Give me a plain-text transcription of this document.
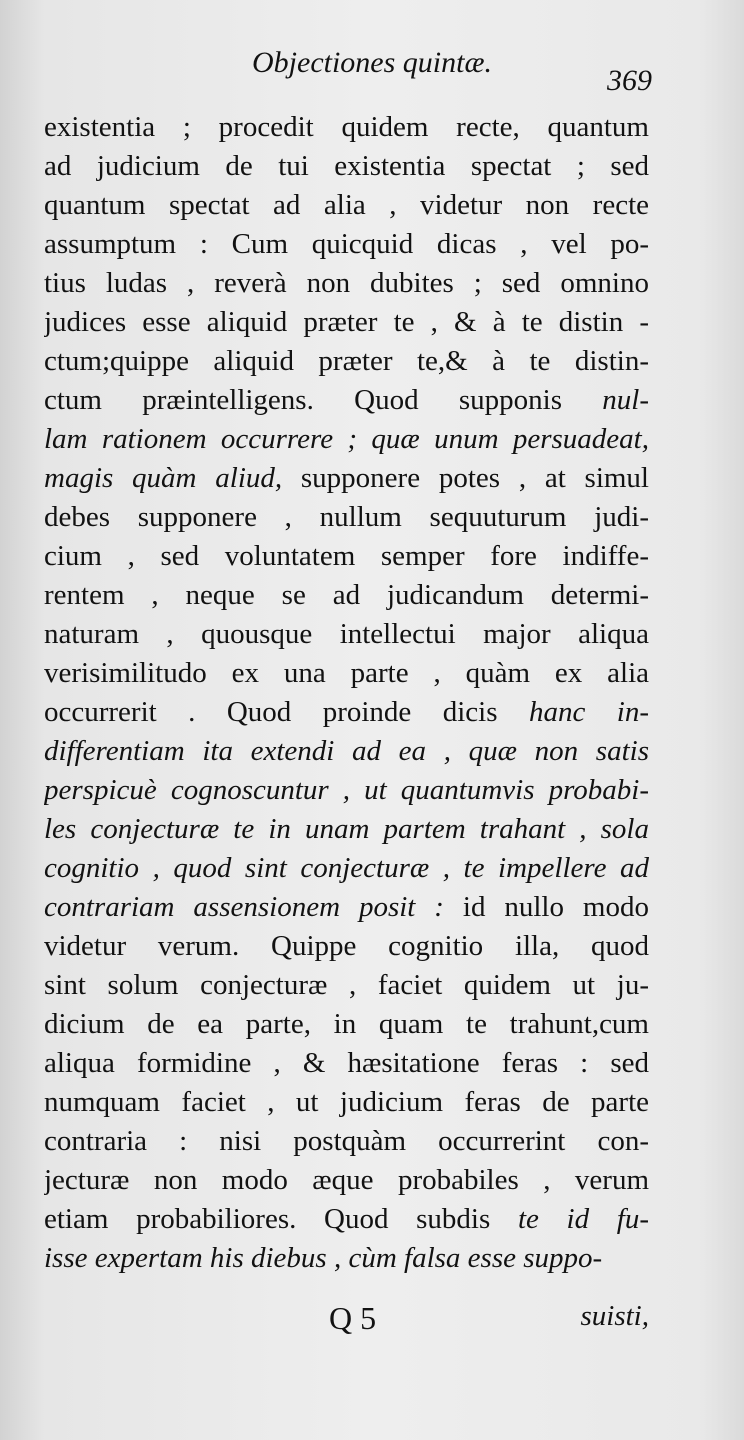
Objectiones quintæ.
369
existentia ; procedit quidem recte, quantum
ad judicium de tui existentia spectat ; sed
quantum spectat ad alia , videtur non recte
assumptum : Cum quicquid dicas , vel po-
tius ludas , reverà non dubites ; sed omnino
judices esse aliquid præter te , & à te distin -
ctum;quippe aliquid præter te,& à te distin-
ctum præintelligens. Quod supponis nul-
lam rationem occurrere ; quæ unum persuadeat,
magis quàm aliud, supponere potes , at simul
debes supponere , nullum sequuturum judi-
cium , sed voluntatem semper fore indiffe-
rentem , neque se ad judicandum determi-
naturam , quousque intellectui major aliqua
verisimilitudo ex una parte , quàm ex alia
occurrerit . Quod proinde dicis hanc in-
differentiam ita extendi ad ea , quæ non satis
perspicuè cognoscuntur , ut quantumvis probabi-
les conjecturæ te in unam partem trahant , sola
cognitio , quod sint conjecturæ , te impellere ad
contrariam assensionem posit : id nullo modo
videtur verum. Quippe cognitio illa, quod
sint solum conjecturæ , faciet quidem ut ju-
dicium de ea parte, in quam te trahunt,cum
aliqua formidine , & hæsitatione feras : sed
numquam faciet , ut judicium feras de parte
contraria : nisi postquàm occurrerint con-
jecturæ non modo æque probabiles , verum
etiam probabiliores. Quod subdis te id fu-
isse expertam his diebus , cùm falsa esse suppo-
Q 5	suisti,
